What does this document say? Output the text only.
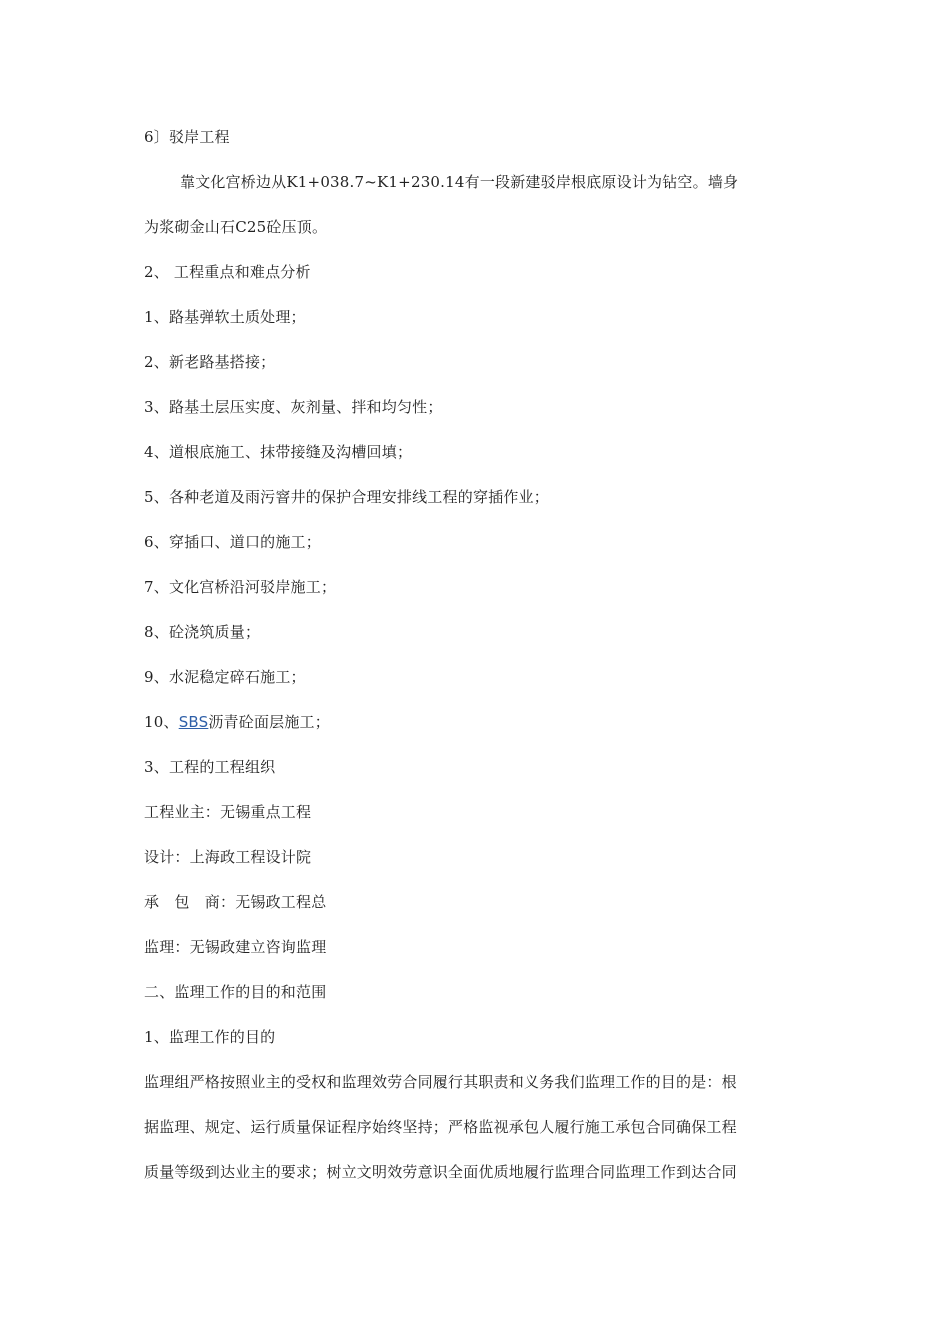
6〕驳岸工程
靠文化宫桥边从K1+038.7~K1+230.14有一段新建驳岸根底原设计为钻空。墙身
为浆砌金山石C25砼压顶。
2、 工程重点和难点分析
1、路基弹软土质处理；
2、新老路基搭接；
3、路基土层压实度、灰剂量、拌和均匀性；
4、道根底施工、抹带接缝及沟槽回填；
5、各种老道及雨污窨井的保护合理安排线工程的穿插作业；
6、穿插口、道口的施工；
7、文化宫桥沿河驳岸施工；
8、砼浇筑质量；
9、水泥稳定碎石施工；
10、SBS沥青砼面层施工；
3、工程的工程组织
工程业主：无锡重点工程
设计：上海政工程设计院
承　包　商：无锡政工程总
监理：无锡政建立咨询监理
二、监理工作的目的和范围
1、监理工作的目的
监理组严格按照业主的受权和监理效劳合同履行其职责和义务我们监理工作的目的是：根
据监理、规定、运行质量保证程序始终坚持；严格监视承包人履行施工承包合同确保工程
质量等级到达业主的要求；树立文明效劳意识全面优质地履行监理合同监理工作到达合同
